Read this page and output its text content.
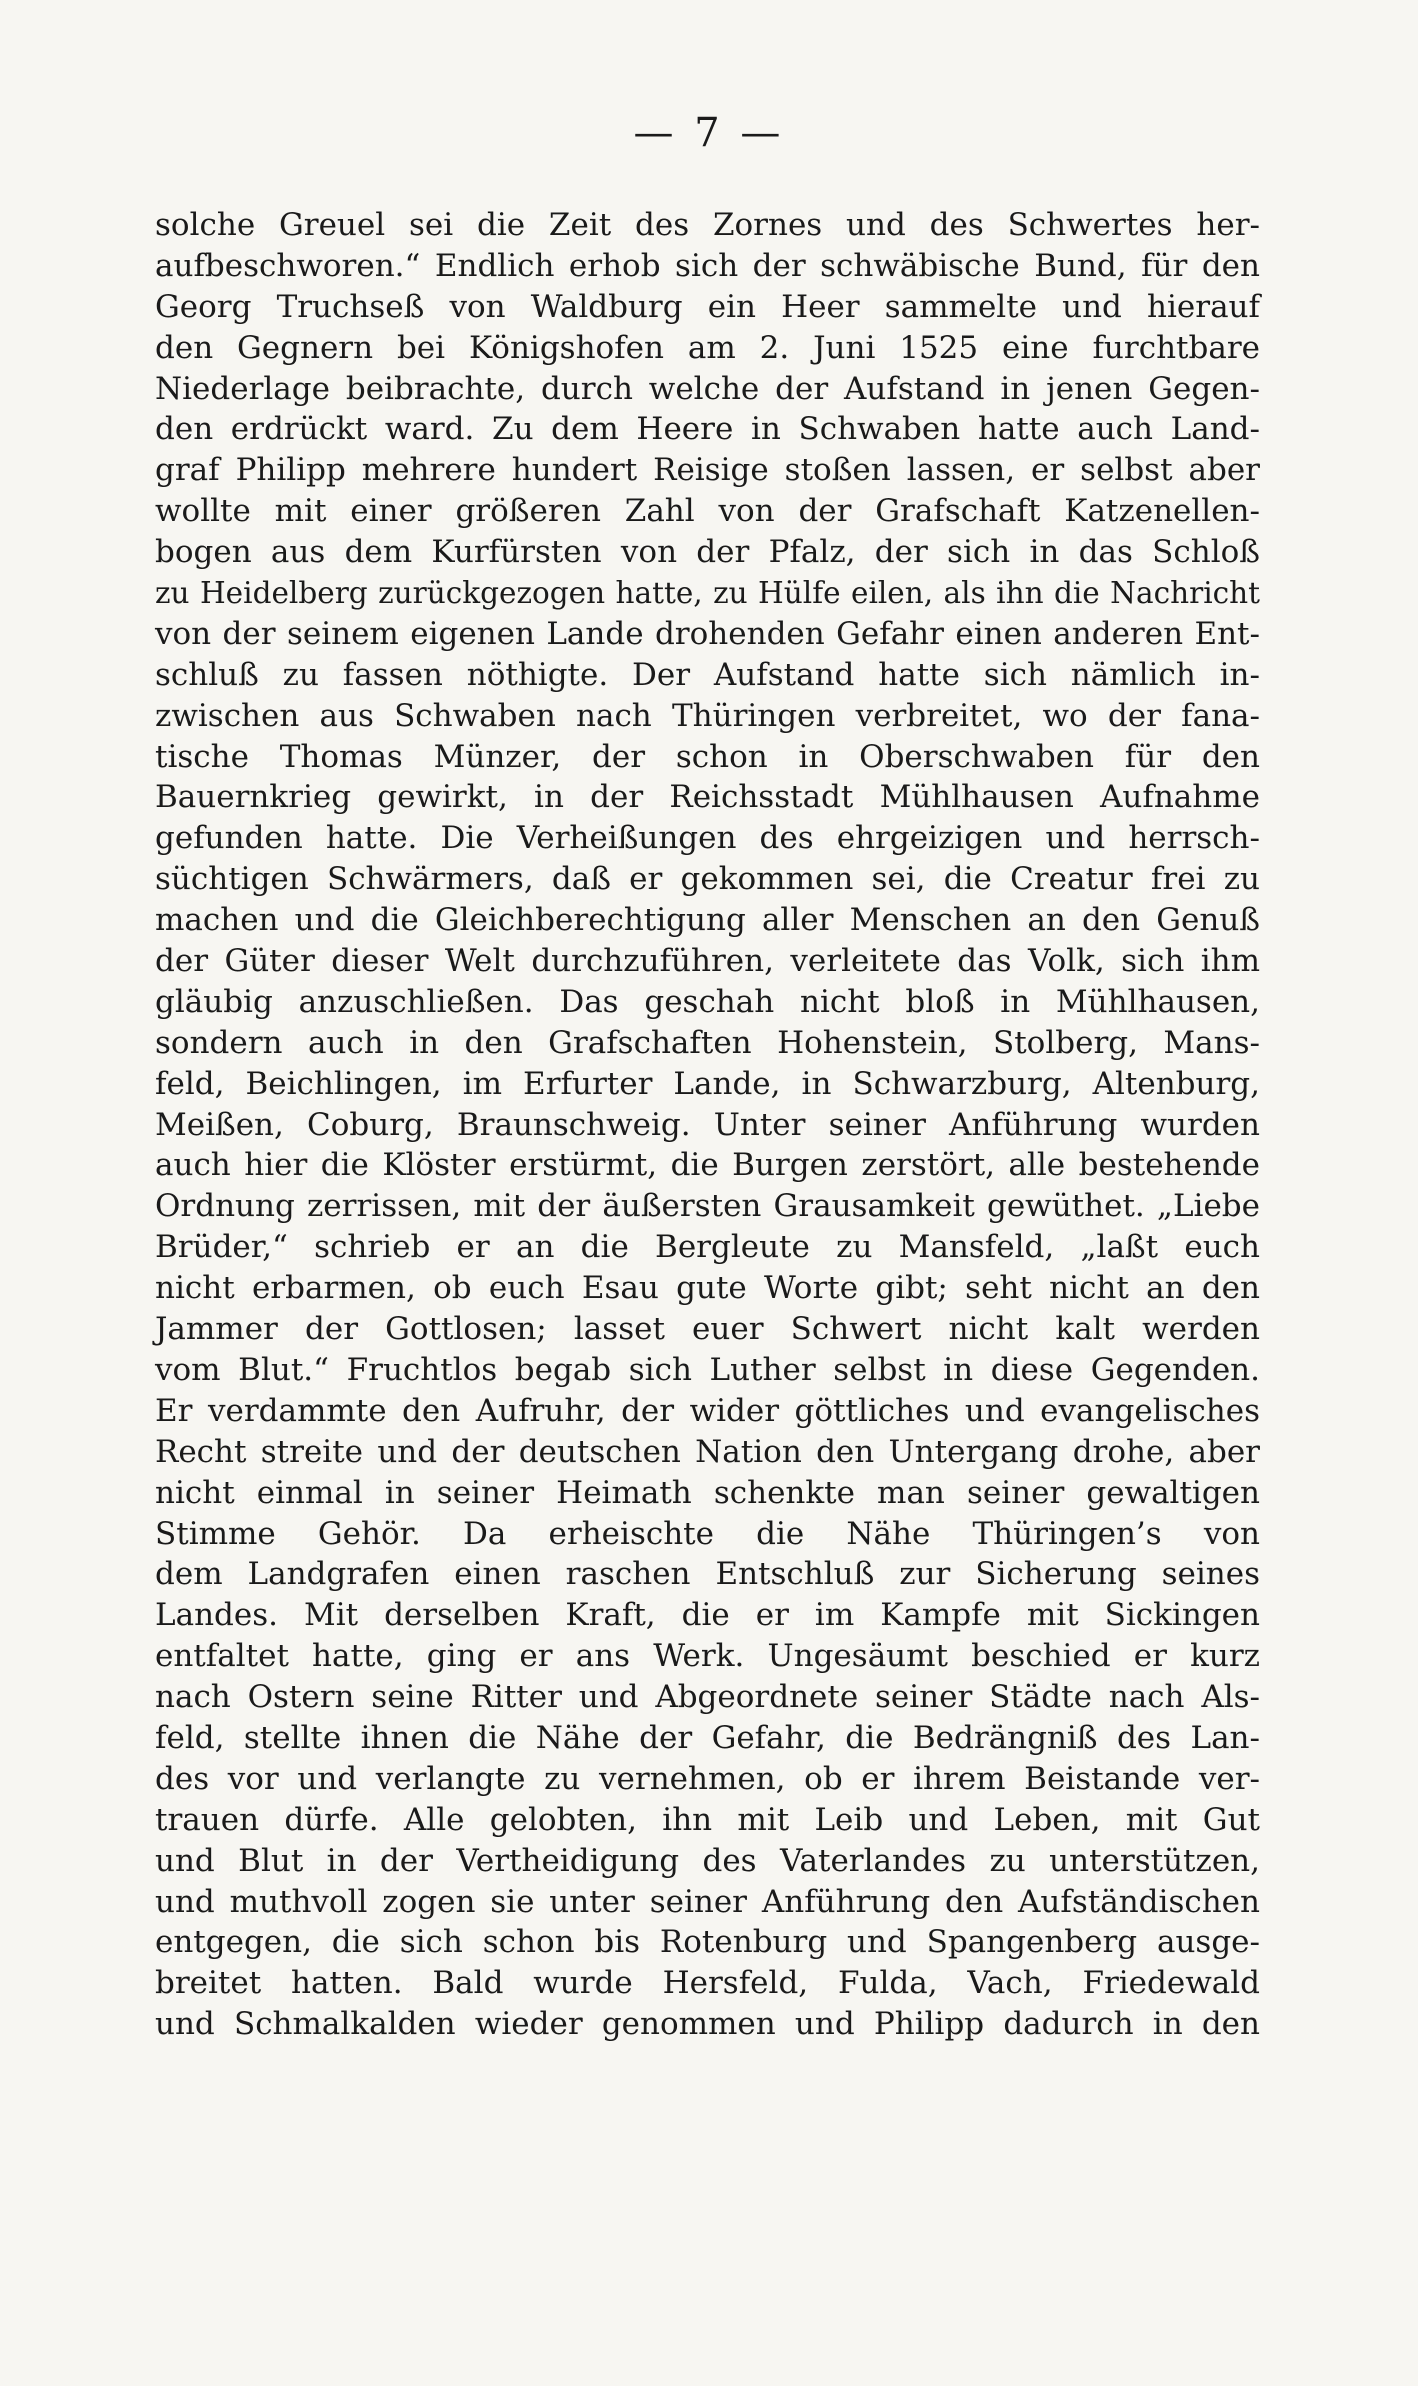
— 7 —
solche Greuel sei die Zeit des Zornes und des Schwertes her-
aufbeschworen.“ Endlich erhob sich der schwäbische Bund, für den
Georg Truchseß von Waldburg ein Heer sammelte und hierauf
den Gegnern bei Königshofen am 2. Juni 1525 eine furchtbare
Niederlage beibrachte, durch welche der Aufstand in jenen Gegen-
den erdrückt ward. Zu dem Heere in Schwaben hatte auch Land-
graf Philipp mehrere hundert Reisige stoßen lassen, er selbst aber
wollte mit einer größeren Zahl von der Grafschaft Katzenellen-
bogen aus dem Kurfürsten von der Pfalz, der sich in das Schloß
zu Heidelberg zurückgezogen hatte, zu Hülfe eilen, als ihn die Nachricht
von der seinem eigenen Lande drohenden Gefahr einen anderen Ent-
schluß zu fassen nöthigte. Der Aufstand hatte sich nämlich in-
zwischen aus Schwaben nach Thüringen verbreitet, wo der fana-
tische Thomas Münzer, der schon in Oberschwaben für den
Bauernkrieg gewirkt, in der Reichsstadt Mühlhausen Aufnahme
gefunden hatte. Die Verheißungen des ehrgeizigen und herrsch-
süchtigen Schwärmers, daß er gekommen sei, die Creatur frei zu
machen und die Gleichberechtigung aller Menschen an den Genuß
der Güter dieser Welt durchzuführen, verleitete das Volk, sich ihm
gläubig anzuschließen. Das geschah nicht bloß in Mühlhausen,
sondern auch in den Grafschaften Hohenstein, Stolberg, Mans-
feld, Beichlingen, im Erfurter Lande, in Schwarzburg, Altenburg,
Meißen, Coburg, Braunschweig. Unter seiner Anführung wurden
auch hier die Klöster erstürmt, die Burgen zerstört, alle bestehende
Ordnung zerrissen, mit der äußersten Grausamkeit gewüthet. „Liebe
Brüder,“ schrieb er an die Bergleute zu Mansfeld, „laßt euch
nicht erbarmen, ob euch Esau gute Worte gibt; seht nicht an den
Jammer der Gottlosen; lasset euer Schwert nicht kalt werden
vom Blut.“ Fruchtlos begab sich Luther selbst in diese Gegenden.
Er verdammte den Aufruhr, der wider göttliches und evangelisches
Recht streite und der deutschen Nation den Untergang drohe, aber
nicht einmal in seiner Heimath schenkte man seiner gewaltigen
Stimme Gehör. Da erheischte die Nähe Thüringen’s von
dem Landgrafen einen raschen Entschluß zur Sicherung seines
Landes. Mit derselben Kraft, die er im Kampfe mit Sickingen
entfaltet hatte, ging er ans Werk. Ungesäumt beschied er kurz
nach Ostern seine Ritter und Abgeordnete seiner Städte nach Als-
feld, stellte ihnen die Nähe der Gefahr, die Bedrängniß des Lan-
des vor und verlangte zu vernehmen, ob er ihrem Beistande ver-
trauen dürfe. Alle gelobten, ihn mit Leib und Leben, mit Gut
und Blut in der Vertheidigung des Vaterlandes zu unterstützen,
und muthvoll zogen sie unter seiner Anführung den Aufständischen
entgegen, die sich schon bis Rotenburg und Spangenberg ausge-
breitet hatten. Bald wurde Hersfeld, Fulda, Vach, Friedewald
und Schmalkalden wieder genommen und Philipp dadurch in den
